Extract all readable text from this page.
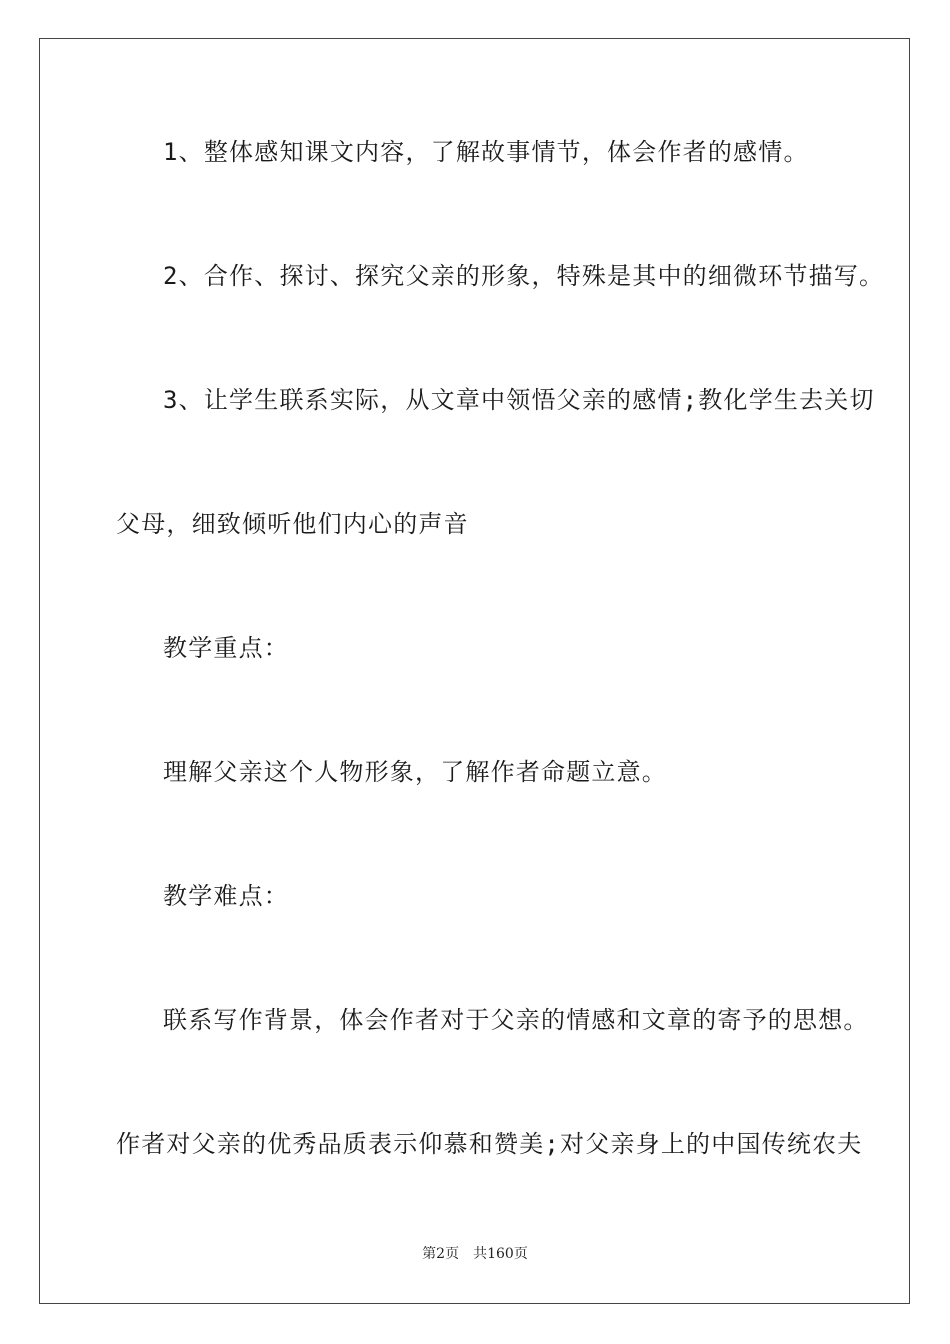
1、整体感知课文内容，了解故事情节，体会作者的感情。
2、合作、探讨、探究父亲的形象，特殊是其中的细微环节描写。
3、让学生联系实际，从文章中领悟父亲的感情;教化学生去关切
父母，细致倾听他们内心的声音
教学重点：
理解父亲这个人物形象，了解作者命题立意。
教学难点：
联系写作背景，体会作者对于父亲的情感和文章的寄予的思想。
作者对父亲的优秀品质表示仰慕和赞美;对父亲身上的中国传统农夫
第2页 共160页
